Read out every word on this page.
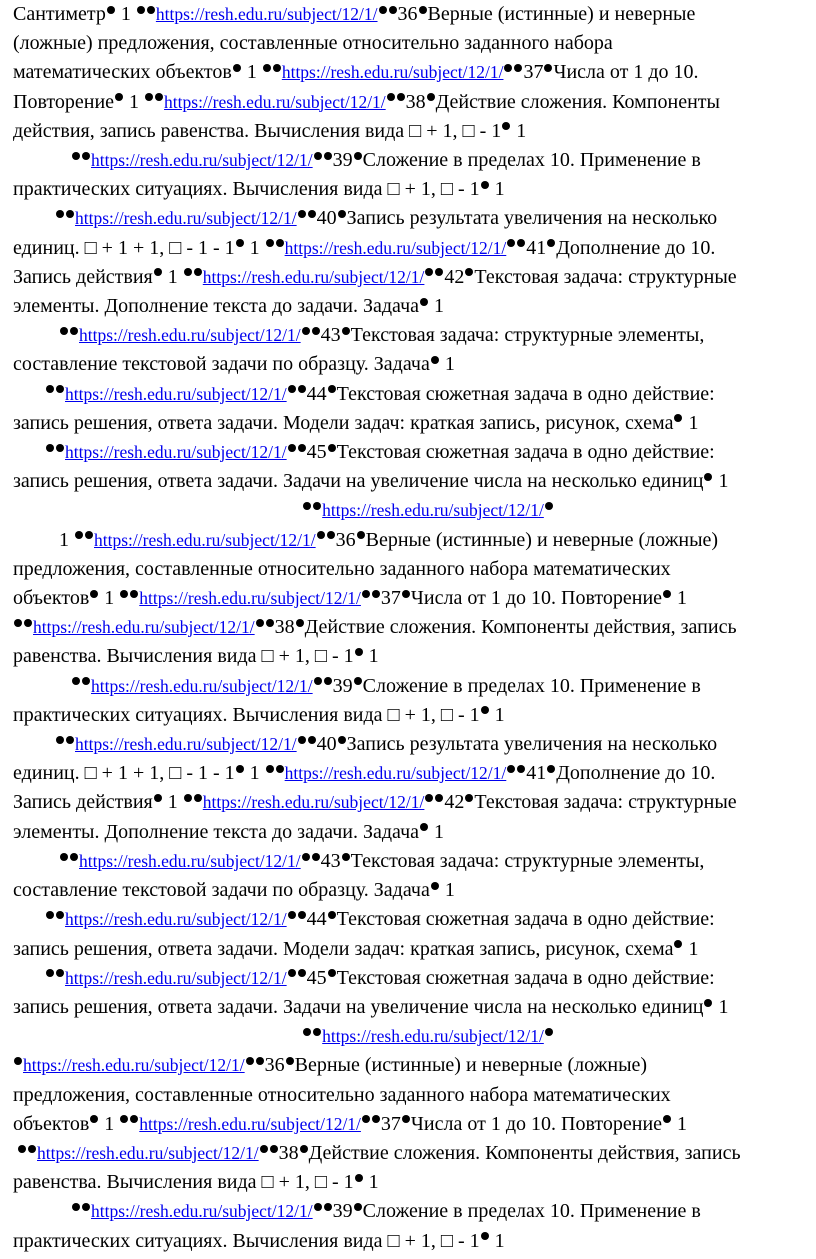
Сантиметр 1 https://resh.edu.ru/subject/12/1/ 36 Верные (истинные) и неверные
(ложные) предложения, составленные относительно заданного набора
математических объектов 1 https://resh.edu.ru/subject/12/1/ 37 Числа от 1 до 10.
Повторение 1 https://resh.edu.ru/subject/12/1/ 38 Действие сложения. Компоненты
действия, запись равенства. Вычисления вида □ + 1, □ - 1 1
https://resh.edu.ru/subject/12/1/ 39 Сложение в пределах 10. Применение в
практических ситуациях. Вычисления вида □ + 1, □ - 1 1
https://resh.edu.ru/subject/12/1/ 40 Запись результата увеличения на несколько
единиц. □ + 1 + 1, □ - 1 - 1 1 https://resh.edu.ru/subject/12/1/ 41 Дополнение до 10.
Запись действия 1 https://resh.edu.ru/subject/12/1/ 42 Текстовая задача: структурные
элементы. Дополнение текста до задачи. Задача 1
https://resh.edu.ru/subject/12/1/ 43 Текстовая задача: структурные элементы,
составление текстовой задачи по образцу. Задача 1
https://resh.edu.ru/subject/12/1/ 44 Текстовая сюжетная задача в одно действие:
запись решения, ответа задачи. Модели задач: краткая запись, рисунок, схема 1
https://resh.edu.ru/subject/12/1/ 45 Текстовая сюжетная задача в одно действие:
запись решения, ответа задачи. Задачи на увеличение числа на несколько единиц 1
https://resh.edu.ru/subject/12/1/
1 https://resh.edu.ru/subject/12/1/ 36 Верные (истинные) и неверные (ложные)
предложения, составленные относительно заданного набора математических
объектов 1 https://resh.edu.ru/subject/12/1/ 37 Числа от 1 до 10. Повторение 1
https://resh.edu.ru/subject/12/1/ 38 Действие сложения. Компоненты действия, запись
равенства. Вычисления вида □ + 1, □ - 1 1
https://resh.edu.ru/subject/12/1/ 39 Сложение в пределах 10. Применение в
практических ситуациях. Вычисления вида □ + 1, □ - 1 1
https://resh.edu.ru/subject/12/1/ 40 Запись результата увеличения на несколько
единиц. □ + 1 + 1, □ - 1 - 1 1 https://resh.edu.ru/subject/12/1/ 41 Дополнение до 10.
Запись действия 1 https://resh.edu.ru/subject/12/1/ 42 Текстовая задача: структурные
элементы. Дополнение текста до задачи. Задача 1
https://resh.edu.ru/subject/12/1/ 43 Текстовая задача: структурные элементы,
составление текстовой задачи по образцу. Задача 1
https://resh.edu.ru/subject/12/1/ 44 Текстовая сюжетная задача в одно действие:
запись решения, ответа задачи. Модели задач: краткая запись, рисунок, схема 1
https://resh.edu.ru/subject/12/1/ 45 Текстовая сюжетная задача в одно действие:
запись решения, ответа задачи. Задачи на увеличение числа на несколько единиц 1
https://resh.edu.ru/subject/12/1/
https://resh.edu.ru/subject/12/1/ 36 Верные (истинные) и неверные (ложные)
предложения, составленные относительно заданного набора математических
объектов 1 https://resh.edu.ru/subject/12/1/ 37 Числа от 1 до 10. Повторение 1
https://resh.edu.ru/subject/12/1/ 38 Действие сложения. Компоненты действия, запись
равенства. Вычисления вида □ + 1, □ - 1 1
https://resh.edu.ru/subject/12/1/ 39 Сложение в пределах 10. Применение в
практических ситуациях. Вычисления вида □ + 1, □ - 1 1
